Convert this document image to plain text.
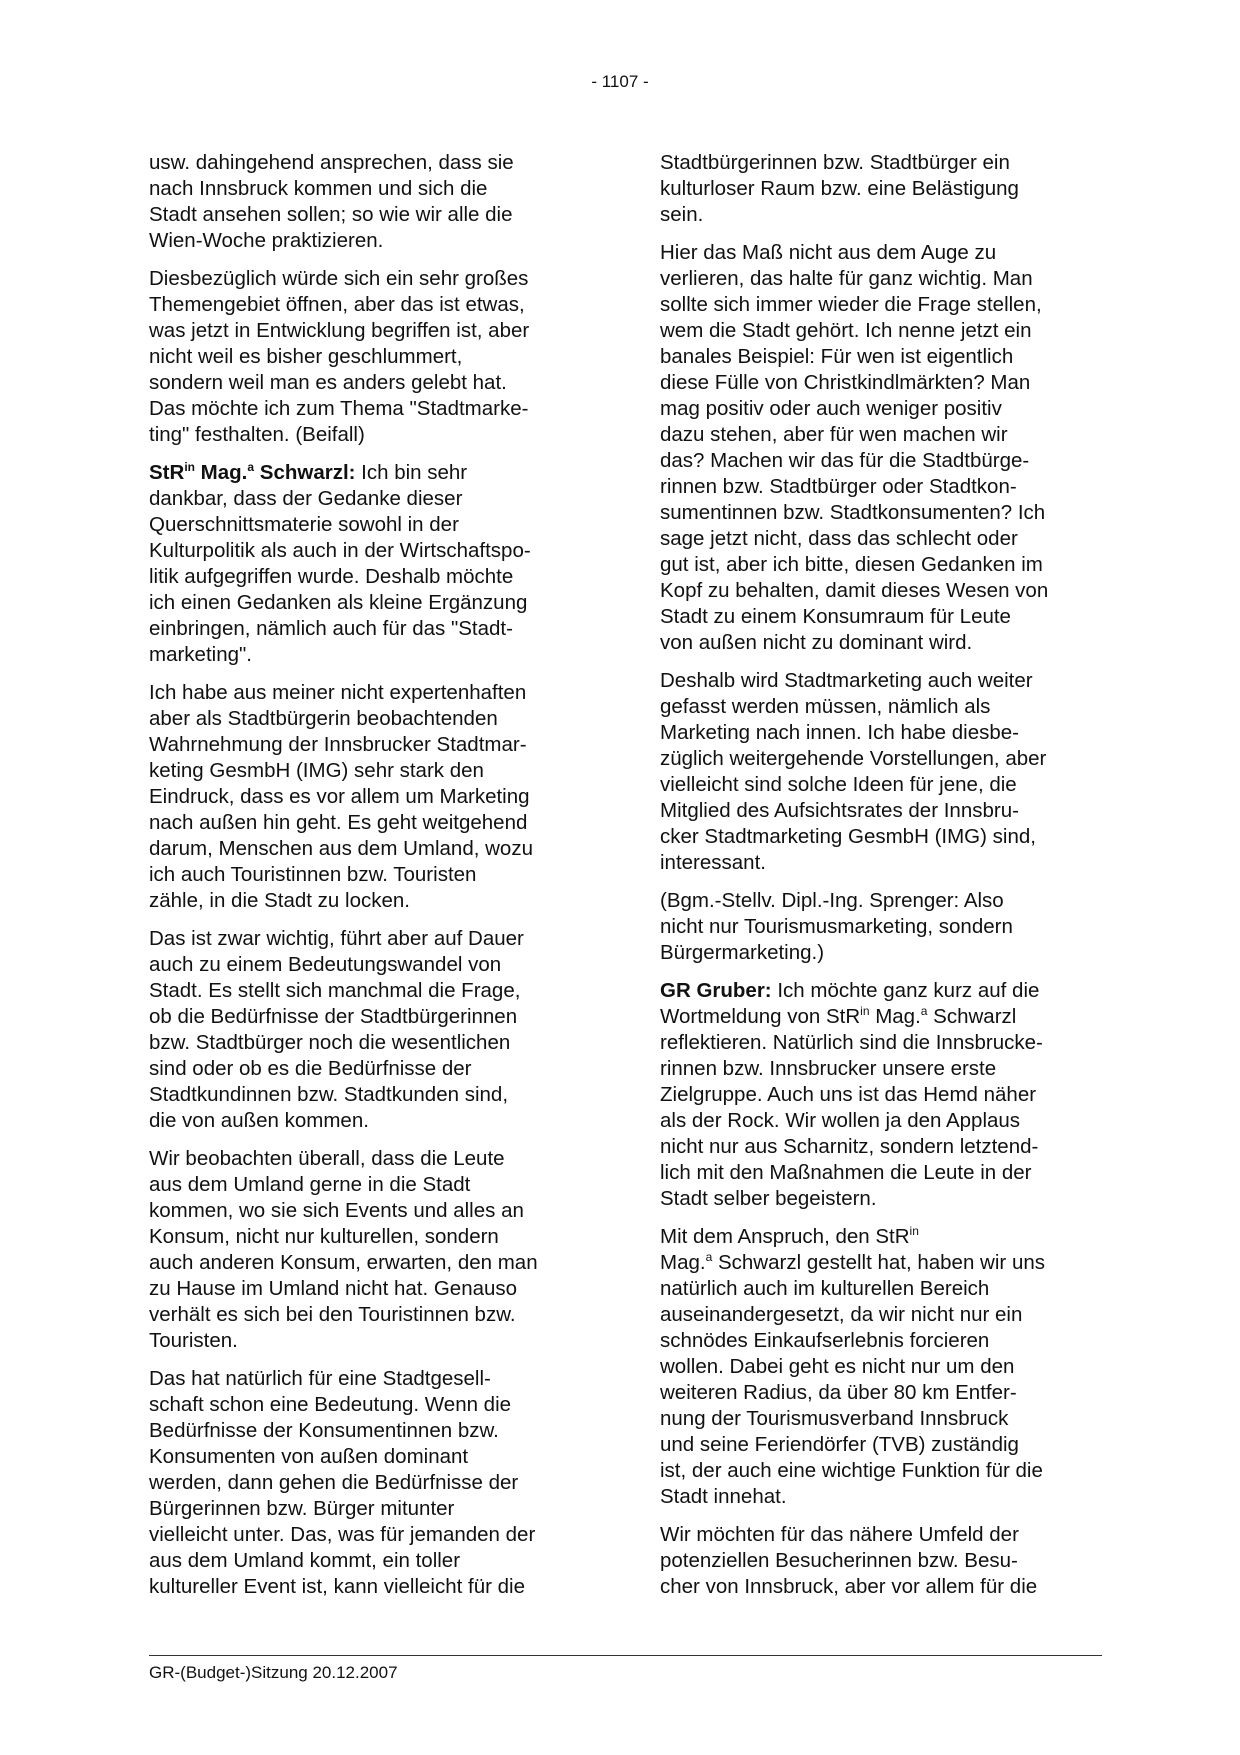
- 1107 -

usw. dahingehend ansprechen, dass sie
nach Innsbruck kommen und sich die
Stadt ansehen sollen; so wie wir alle die
Wien-Woche praktizieren.

Diesbezüglich würde sich ein sehr großes
Themengebiet öffnen, aber das ist etwas,
was jetzt in Entwicklung begriffen ist, aber
nicht weil es bisher geschlummert,
sondern weil man es anders gelebt hat.
Das möchte ich zum Thema "Stadtmarke-
ting" festhalten. (Beifall)

StR$^{in}$ Mag.$^a$ Schwarzl: Ich bin sehr
dankbar, dass der Gedanke dieser
Querschnittsmaterie sowohl in der
Kulturpolitik als auch in der Wirtschaftspo-
litik aufgegriffen wurde. Deshalb möchte
ich einen Gedanken als kleine Ergänzung
einbringen, nämlich auch für das "Stadt-
marketing".

Ich habe aus meiner nicht expertenhaften
aber als Stadtbürgerin beobachtenden
Wahrnehmung der Innsbrucker Stadtmar-
keting GesmbH (IMG) sehr stark den
Eindruck, dass es vor allem um Marketing
nach außen hin geht. Es geht weitgehend
darum, Menschen aus dem Umland, wozu
ich auch Touristinnen bzw. Touristen
zähle, in die Stadt zu locken.

Das ist zwar wichtig, führt aber auf Dauer
auch zu einem Bedeutungswandel von
Stadt. Es stellt sich manchmal die Frage,
ob die Bedürfnisse der Stadtbürgerinnen
bzw. Stadtbürger noch die wesentlichen
sind oder ob es die Bedürfnisse der
Stadtkundinnen bzw. Stadtkunden sind,
die von außen kommen.

Wir beobachten überall, dass die Leute
aus dem Umland gerne in die Stadt
kommen, wo sie sich Events und alles an
Konsum, nicht nur kulturellen, sondern
auch anderen Konsum, erwarten, den man
zu Hause im Umland nicht hat. Genauso
verhält es sich bei den Touristinnen bzw.
Touristen.

Das hat natürlich für eine Stadtgesell-
schaft schon eine Bedeutung. Wenn die
Bedürfnisse der Konsumentinnen bzw.
Konsumenten von außen dominant
werden, dann gehen die Bedürfnisse der
Bürgerinnen bzw. Bürger mitunter
vielleicht unter. Das, was für jemanden der
aus dem Umland kommt, ein toller
kultureller Event ist, kann vielleicht für die

Stadtbürgerinnen bzw. Stadtbürger ein
kulturloser Raum bzw. eine Belästigung
sein.

Hier das Maß nicht aus dem Auge zu
verlieren, das halte für ganz wichtig. Man
sollte sich immer wieder die Frage stellen,
wem die Stadt gehört. Ich nenne jetzt ein
banales Beispiel: Für wen ist eigentlich
diese Fülle von Christkindlmärkten? Man
mag positiv oder auch weniger positiv
dazu stehen, aber für wen machen wir
das? Machen wir das für die Stadtbürge-
rinnen bzw. Stadtbürger oder Stadtkon-
sumentinnen bzw. Stadtkonsumenten? Ich
sage jetzt nicht, dass das schlecht oder
gut ist, aber ich bitte, diesen Gedanken im
Kopf zu behalten, damit dieses Wesen von
Stadt zu einem Konsumraum für Leute
von außen nicht zu dominant wird.

Deshalb wird Stadtmarketing auch weiter
gefasst werden müssen, nämlich als
Marketing nach innen. Ich habe diesbe-
züglich weitergehende Vorstellungen, aber
vielleicht sind solche Ideen für jene, die
Mitglied des Aufsichtsrates der Innsbru-
cker Stadtmarketing GesmbH (IMG) sind,
interessant.

(Bgm.-Stellv. Dipl.-Ing. Sprenger: Also
nicht nur Tourismusmarketing, sondern
Bürgermarketing.)

GR Gruber: Ich möchte ganz kurz auf die
Wortmeldung von StR$^{in}$ Mag.$^a$ Schwarzl
reflektieren. Natürlich sind die Innsbrucke-
rinnen bzw. Innsbrucker unsere erste
Zielgruppe. Auch uns ist das Hemd näher
als der Rock. Wir wollen ja den Applaus
nicht nur aus Scharnitz, sondern letztend-
lich mit den Maßnahmen die Leute in der
Stadt selber begeistern.

Mit dem Anspruch, den StR$^{in}$
Mag.$^a$ Schwarzl gestellt hat, haben wir uns
natürlich auch im kulturellen Bereich
auseinandergesetzt, da wir nicht nur ein
schnödes Einkaufserlebnis forcieren
wollen. Dabei geht es nicht nur um den
weiteren Radius, da über 80 km Entfer-
nung der Tourismusverband Innsbruck
und seine Feriendörfer (TVB) zuständig
ist, der auch eine wichtige Funktion für die
Stadt innehat.

Wir möchten für das nähere Umfeld der
potenziellen Besucherinnen bzw. Besu-
cher von Innsbruck, aber vor allem für die

GR-(Budget-)Sitzung 20.12.2007
